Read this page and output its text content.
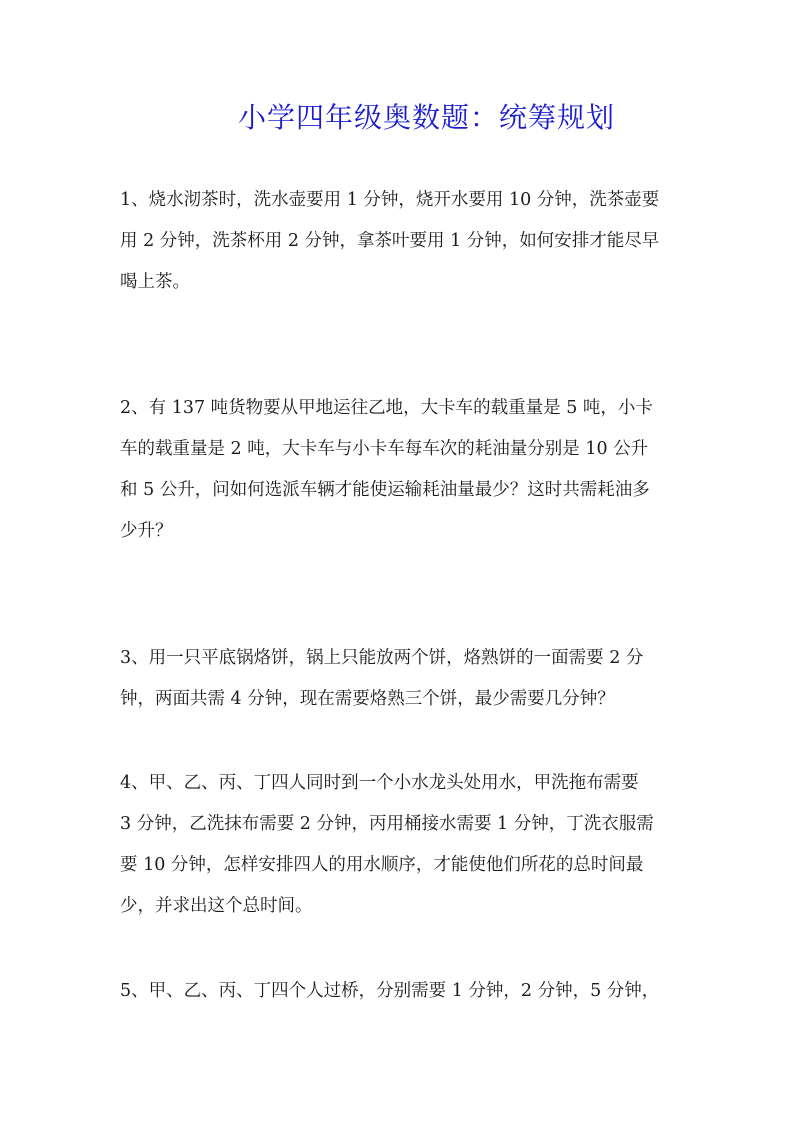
小学四年级奥数题：统筹规划
1、烧水沏茶时，洗水壶要用 1 分钟，烧开水要用 10 分钟，洗茶壶要
用 2 分钟，洗茶杯用 2 分钟，拿茶叶要用 1 分钟，如何安排才能尽早
喝上茶。
2、有 137 吨货物要从甲地运往乙地，大卡车的载重量是 5 吨，小卡
车的载重量是 2 吨，大卡车与小卡车每车次的耗油量分别是 10 公升
和 5 公升，问如何选派车辆才能使运输耗油量最少？这时共需耗油多
少升？
3、用一只平底锅烙饼，锅上只能放两个饼，烙熟饼的一面需要 2 分
钟，两面共需 4 分钟，现在需要烙熟三个饼，最少需要几分钟？
4、甲、乙、丙、丁四人同时到一个小水龙头处用水，甲洗拖布需要
3 分钟，乙洗抹布需要 2 分钟，丙用桶接水需要 1 分钟，丁洗衣服需
要 10 分钟，怎样安排四人的用水顺序，才能使他们所花的总时间最
少，并求出这个总时间。
5、甲、乙、丙、丁四个人过桥，分别需要 1 分钟，2 分钟，5 分钟，
